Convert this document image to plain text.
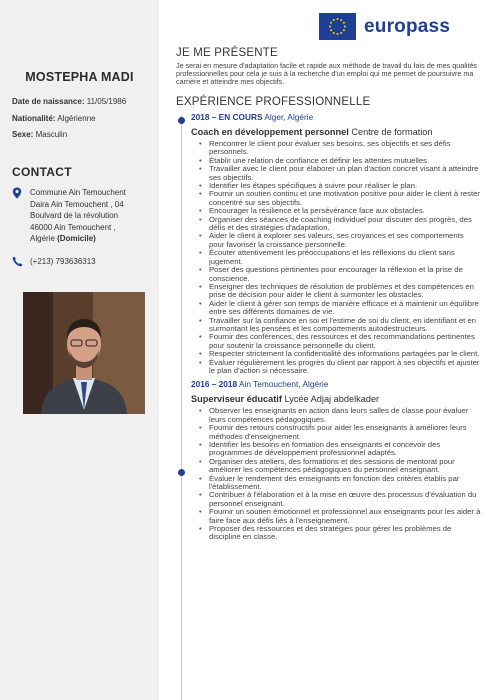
MOSTEPHA MADI
Date de naissance: 11/05/1986
Nationalité: Algérienne
Sexe: Masculin
CONTACT
Commune Ain Temouchent
Daira Ain Temouchent , 04
Boulvard de la révolution
46000 Ain Temouchent ,
Algérie (Domicile)
(+213) 793636313
europass
JE ME PRÉSENTE
Je serai en mesure d'adaptation facile et rapide aux méthode de travail du fais de mes qualités professionnelles pour cela je suis à la recherche d'un emploi qui me permet de poursuivre ma carrière et atteindre mes objectifs.
EXPÉRIENCE PROFESSIONNELLE
2018 – EN COURS Alger, Algérie
Coach en développement personnel Centre de formation
• Rencontrer le client pour évaluer ses besoins, ses objectifs et ses défis personnels.
• Établir une relation de confiance et définir les attentes mutuelles.
• Travailler avec le client pour élaborer un plan d'action concret visant à atteindre ses objectifs.
• Identifier les étapes spécifiques à suivre pour réaliser le plan.
• Fournir un soutien continu et une motivation positive pour aider le client à rester concentré sur ses objectifs.
• Encourager la résilience et la persévérance face aux obstacles.
• Organiser des séances de coaching individuel pour discuter des progrès, des défis et des stratégies d'adaptation.
• Aider le client à explorer ses valeurs, ses croyances et ses comportements pour favoriser la croissance personnelle.
• Écouter attentivement les préoccupations et les réflexions du client sans jugement.
• Poser des questions pertinentes pour encourager la réflexion et la prise de conscience.
• Enseigner des techniques de résolution de problèmes et des compétences en prise de décision pour aider le client à surmonter les obstacles.
• Aider le client à gérer son temps de manière efficace et à maintenir un équilibre entre ses différents domaines de vie.
• Travailler sur la confiance en soi et l'estime de soi du client, en identifiant et en surmontant les pensées et les comportements autodestructeurs.
• Fournir des conférences, des ressources et des recommandations pertinentes pour soutenir la croissance personnelle du client.
• Respecter strictement la confidentialité des informations partagées par le client.
• Évaluer régulièrement les progrès du client par rapport à ses objectifs et ajuster le plan d'action si nécessaire.
2016 – 2018 Ain Temouchent, Algérie
Superviseur éducatif Lycée Adjaj abdelkader
• Observer les enseignants en action dans leurs salles de classe pour évaluer leurs compétences pédagogiques.
• Fournir des retours constructifs pour aider les enseignants à améliorer leurs méthodes d'enseignement.
• Identifier les besoins en formation des enseignants et concevoir des programmes de développement professionnel adaptés.
• Organiser des ateliers, des formations et des sessions de mentorat pour améliorer les compétences pédagogiques du personnel enseignant.
• Évaluer le rendement des enseignants en fonction des critères établis par l'établissement.
• Contribuer à l'élaboration et à la mise en œuvre des processus d'évaluation du personnel enseignant.
• Fournir un soutien émotionnel et professionnel aux enseignants pour les aider à faire face aux défis liés à l'enseignement.
• Proposer des ressources et des stratégies pour gérer les problèmes de discipline en classe.
